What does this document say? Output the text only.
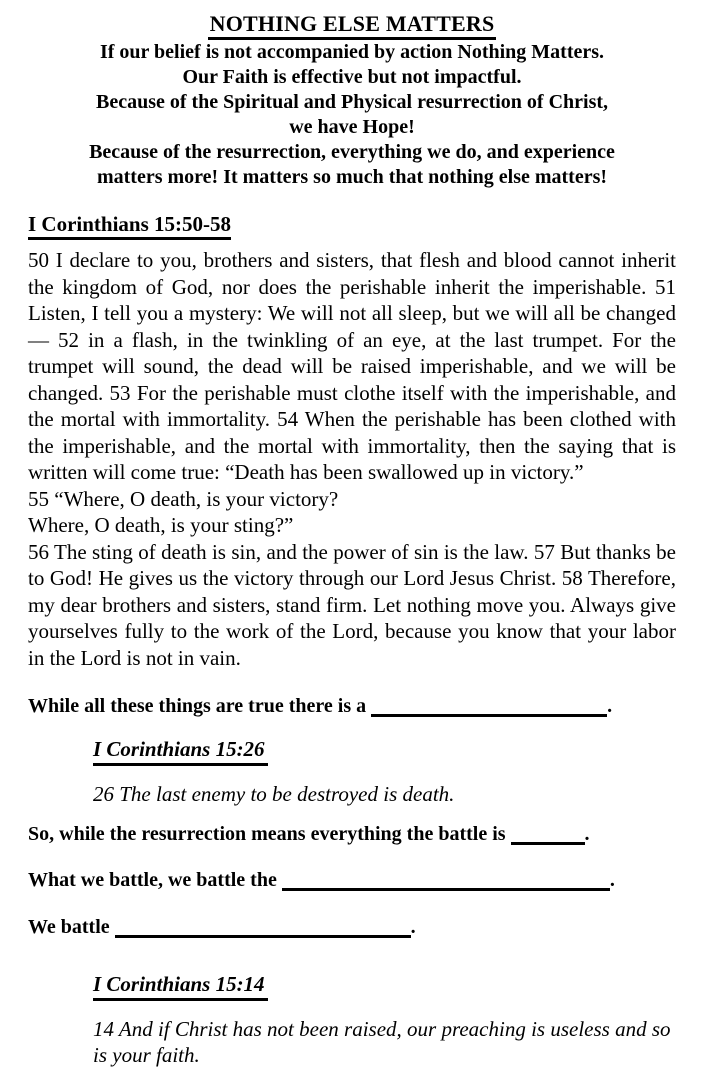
NOTHING ELSE MATTERS
If our belief is not accompanied by action Nothing Matters.
Our Faith is effective but not impactful.
Because of the Spiritual and Physical resurrection of Christ,
we have Hope!
Because of the resurrection, everything we do, and experience
matters more! It matters so much that nothing else matters!
I Corinthians 15:50-58

50 I declare to you, brothers and sisters, that flesh and blood cannot inherit the kingdom of God, nor does the perishable inherit the imperishable. 51 Listen, I tell you a mystery: We will not all sleep, but we will all be changed— 52 in a flash, in the twinkling of an eye, at the last trumpet. For the trumpet will sound, the dead will be raised imperishable, and we will be changed. 53 For the perishable must clothe itself with the imperishable, and the mortal with immortality. 54 When the perishable has been clothed with the imperishable, and the mortal with immortality, then the saying that is written will come true: “Death has been swallowed up in victory.”

55 “Where, O death, is your victory?
Where, O death, is your sting?”

56 The sting of death is sin, and the power of sin is the law. 57 But thanks be to God! He gives us the victory through our Lord Jesus Christ. 58 Therefore, my dear brothers and sisters, stand firm. Let nothing move you. Always give yourselves fully to the work of the Lord, because you know that your labor in the Lord is not in vain.

While all these things are true there is a	.
I Corinthians 15:26
26 The last enemy to be destroyed is death.
So, while the resurrection means everything the battle is	.
What we battle, we battle the	.
We battle	.
I Corinthians 15:14
14 And if Christ has not been raised, our preaching is useless and so is your faith.
